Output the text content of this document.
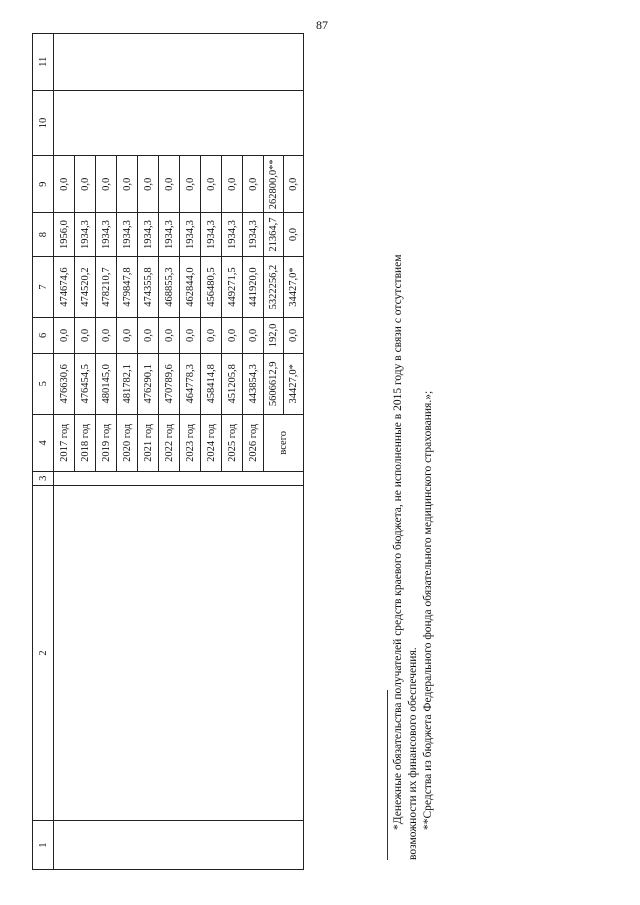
87
1	2	3	4	5	6	7	8	9	10	11
			2017 год	476630,6	0,0	474674,6	1956,0	0,0		
			2018 год	476454,5	0,0	474520,2	1934,3	0,0		
			2019 год	480145,0	0,0	478210,7	1934,3	0,0		
			2020 год	481782,1	0,0	479847,8	1934,3	0,0		
			2021 год	476290,1	0,0	474355,8	1934,3	0,0		
			2022 год	470789,6	0,0	468855,3	1934,3	0,0		
			2023 год	464778,3	0,0	462844,0	1934,3	0,0		
			2024 год	458414,8	0,0	456480,5	1934,3	0,0		
			2025 год	451205,8	0,0	449271,5	1934,3	0,0		
			2026 год	443854,3	0,0	441920,0	1934,3	0,0		
			всего	5606612,9	192,0	5322256,2	21364,7	262800,0**		
				34427,0*	0,0	34427,0*	0,0	0,0		

*Денежные обязательства получателей средств краевого бюджета, не исполненные в 2015 году в связи с отсутствием возможности их финансового обеспечения. **Средства из бюджета Федерального фонда обязательного медицинского страхования.»;
